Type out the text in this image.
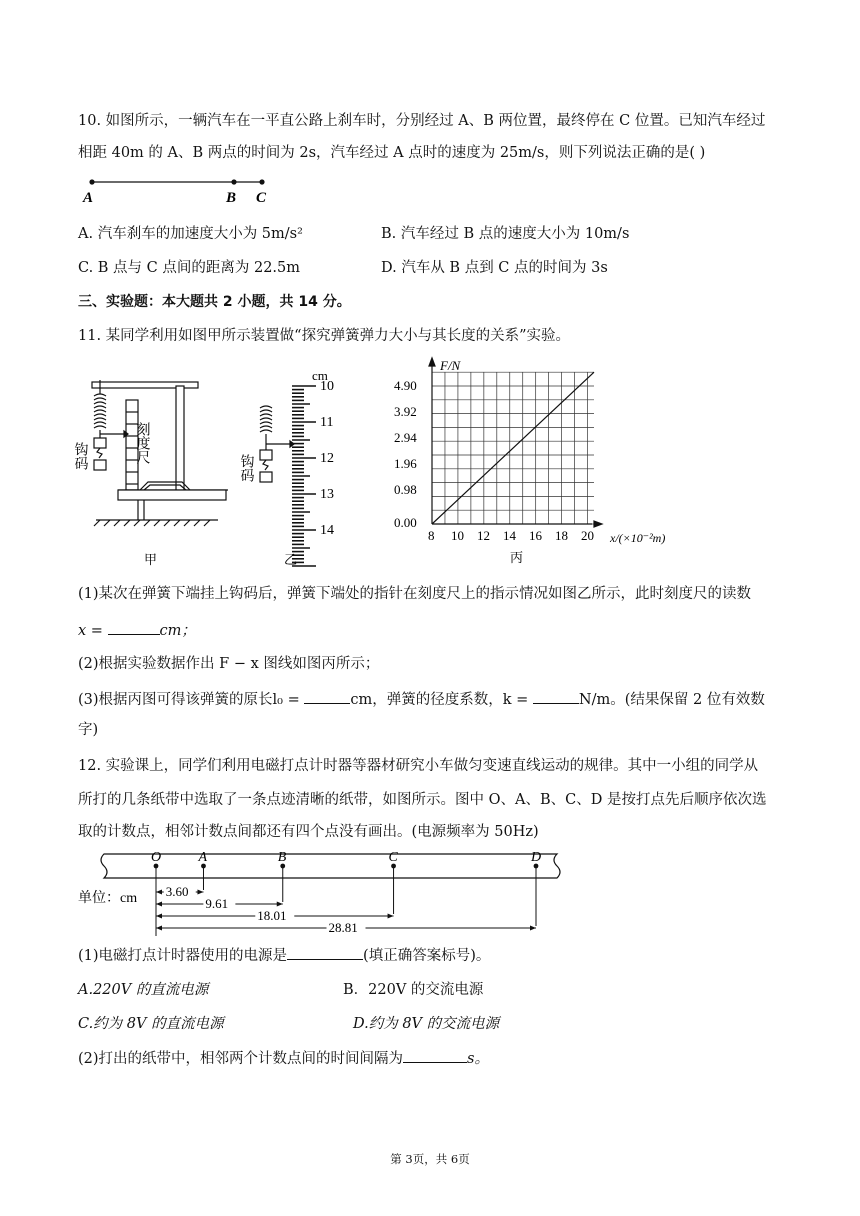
10. 如图所示，一辆汽车在一平直公路上刹车时，分别经过 A、B 两位置，最终停在 C 位置。已知汽车经过
相距 40m 的 A、B 两点的时间为 2s，汽车经过 A 点时的速度为 25m/s，则下列说法正确的是( )
A	B C
A. 汽车刹车的加速度大小为 5m/s²	B. 汽车经过 B 点的速度大小为 10m/s
C. B 点与 C 点间的距离为 22.5m	D. 汽车从 B 点到 C 点的时间为 3s
三、实验题：本大题共 2 小题，共 14 分。
11. 某同学利用如图甲所示装置做“探究弹簧弹力大小与其长度的关系”实验。
刻度尺
钩码
甲
cm
10
11
12
13
14
钩码
乙
F/N
x/(×10⁻²m)
4.90
3.92
2.94
1.96
0.98
0.00
8 10 12 14 16 18 20
丙
(1)某次在弹簧下端挂上钩码后，弹簧下端处的指针在刻度尺上的指示情况如图乙所示，此时刻度尺的读数
x =	cm；
(2)根据实验数据作出 F − x 图线如图丙所示；
(3)根据丙图可得该弹簧的原长l₀ =	cm，弹簧的径度系数，k =	N/m。(结果保留 2 位有效数
字)
12. 实验课上，同学们利用电磁打点计时器等器材研究小车做匀变速直线运动的规律。其中一小组的同学从
所打的几条纸带中选取了一条点迹清晰的纸带，如图所示。图中 O、A、B、C、D 是按打点先后顺序依次选
取的计数点，相邻计数点间都还有四个点没有画出。(电源频率为 50Hz)
O	A	B	C	D
3.60
9.61
18.01
28.81
单位：cm
(1)电磁打点计时器使用的电源是	(填正确答案标号)。
A.220V 的直流电源	B．220V 的交流电源
C.约为 8V 的直流电源	D.约为 8V 的交流电源
(2)打出的纸带中，相邻两个计数点间的时间间隔为	s。
第 3页，共 6页
